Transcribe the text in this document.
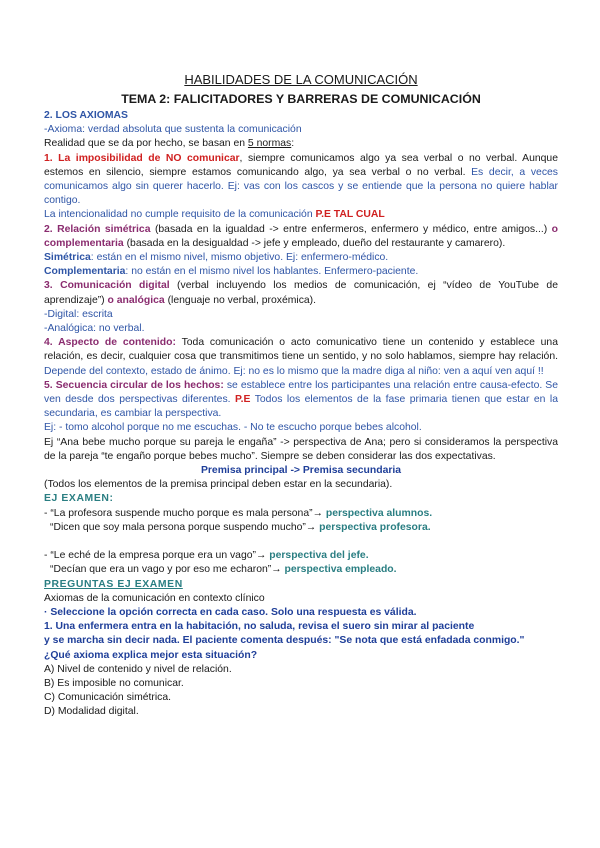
HABILIDADES DE LA COMUNICACIÓN
TEMA 2: FALICITADORES Y BARRERAS DE COMUNICACIÓN
2. LOS AXIOMAS
-Axioma: verdad absoluta que sustenta la comunicación
Realidad que se da por hecho, se basan en 5 normas:
1. La imposibilidad de NO comunicar, siempre comunicamos algo ya sea verbal o no verbal. Aunque estemos en silencio, siempre estamos comunicando algo, ya sea verbal o no verbal. Es decir, a veces comunicamos algo sin querer hacerlo. Ej: vas con los cascos y se entiende que la persona no quiere hablar contigo.
La intencionalidad no cumple requisito de la comunicación P.E TAL CUAL
2. Relación simétrica (basada en la igualdad -> entre enfermeros, enfermero y médico, entre amigos...) o complementaria (basada en la desigualdad -> jefe y empleado, dueño del restaurante y camarero).
Simétrica: están en el mismo nivel, mismo objetivo. Ej: enfermero-médico.
Complementaria: no están en el mismo nivel los hablantes. Enfermero-paciente.
3. Comunicación digital (verbal incluyendo los medios de comunicación, ej “vídeo de YouTube de aprendizaje”) o analógica (lenguaje no verbal, proxémica).
-Digital: escrita
-Analógica: no verbal.
4. Aspecto de contenido: Toda comunicación o acto comunicativo tiene un contenido y establece una relación, es decir, cualquier cosa que transmitimos tiene un sentido, y no solo hablamos, siempre hay relación. Depende del contexto, estado de ánimo. Ej: no es lo mismo que la madre diga al niño: ven a aquí ven aquí !!
5. Secuencia circular de los hechos: se establece entre los participantes una relación entre causa-efecto. Se ven desde dos perspectivas diferentes. P.E Todos los elementos de la fase primaria tienen que estar en la secundaria, es cambiar la perspectiva.
Ej: - tomo alcohol porque no me escuchas. - No te escucho porque bebes alcohol.
Ej “Ana bebe mucho porque su pareja le engaña” -> perspectiva de Ana; pero si consideramos la perspectiva de la pareja “te engaño porque bebes mucho”. Siempre se deben considerar las dos expectativas.
Premisa principal -> Premisa secundaria
(Todos los elementos de la premisa principal deben estar en la secundaria).
EJ EXAMEN:
- “La profesora suspende mucho porque es mala persona”→ perspectiva alumnos.
“Dicen que soy mala persona porque suspendo mucho”→ perspectiva profesora.
- “Le eché de la empresa porque era un vago”→ perspectiva del jefe.
“Decían que era un vago y por eso me echaron”→ perspectiva empleado.
PREGUNTAS EJ EXAMEN
Axiomas de la comunicación en contexto clínico
· Seleccione la opción correcta en cada caso. Solo una respuesta es válida.
1. Una enfermera entra en la habitación, no saluda, revisa el suero sin mirar al paciente
y se marcha sin decir nada. El paciente comenta después: "Se nota que está enfadada conmigo."
¿Qué axioma explica mejor esta situación?
A) Nivel de contenido y nivel de relación.
B) Es imposible no comunicar.
C) Comunicación simétrica.
D) Modalidad digital.
